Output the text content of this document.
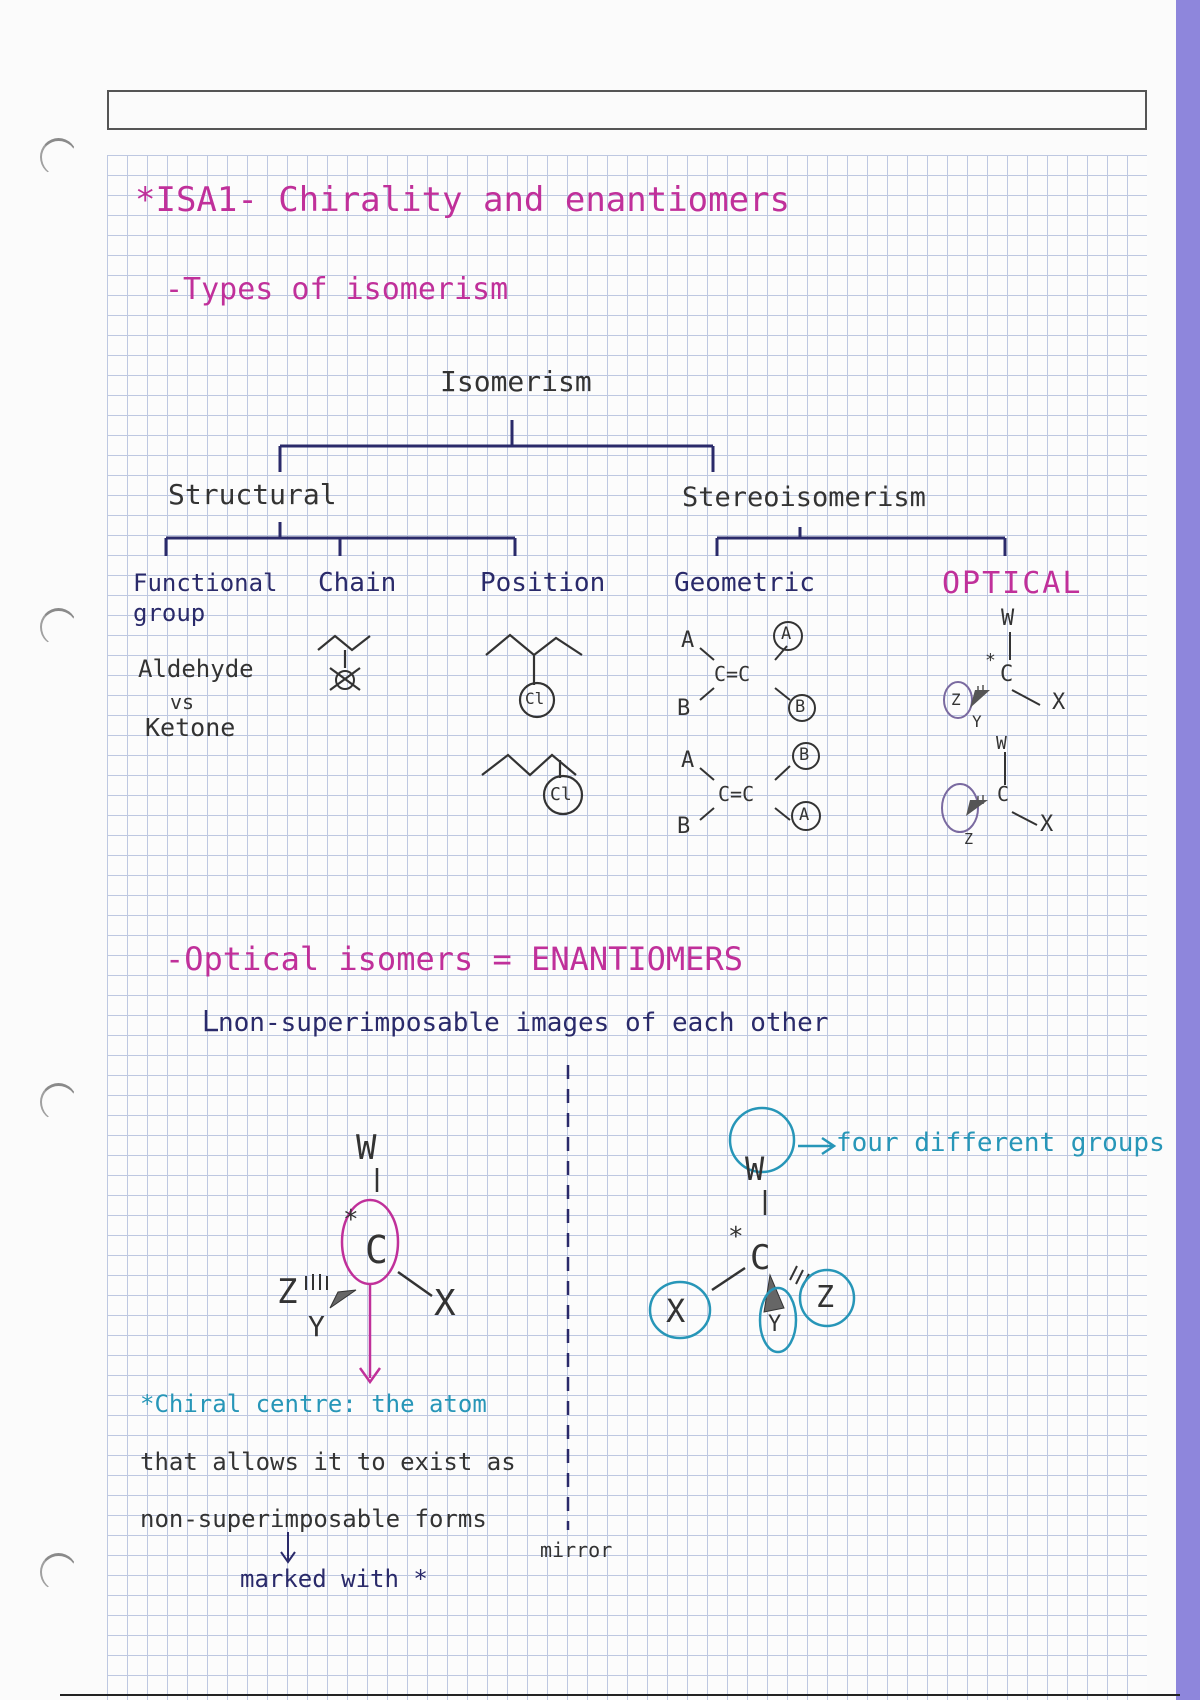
*ISA1- Chirality and enantiomers
-Types of isomerism
Isomerism
Structural	Stereoisomerism
Functional group
Aldehyde
vs
Ketone
Chain	Position	Geometric	OPTICAL
A	A
C=C
B	B
A	B
C=C
B	A
Cl
Cl
W
*
C
X
Z
Y
W
C
X
Z
-Optical isomers = ENANTIOMERS
non-superimposable images of each other
mirror
W
*
C
Z
Y
X
W
*
C
X	Y
Z
four different groups
*Chiral centre: the atom
that allows it to exist as
non-superimposable forms
marked with *
